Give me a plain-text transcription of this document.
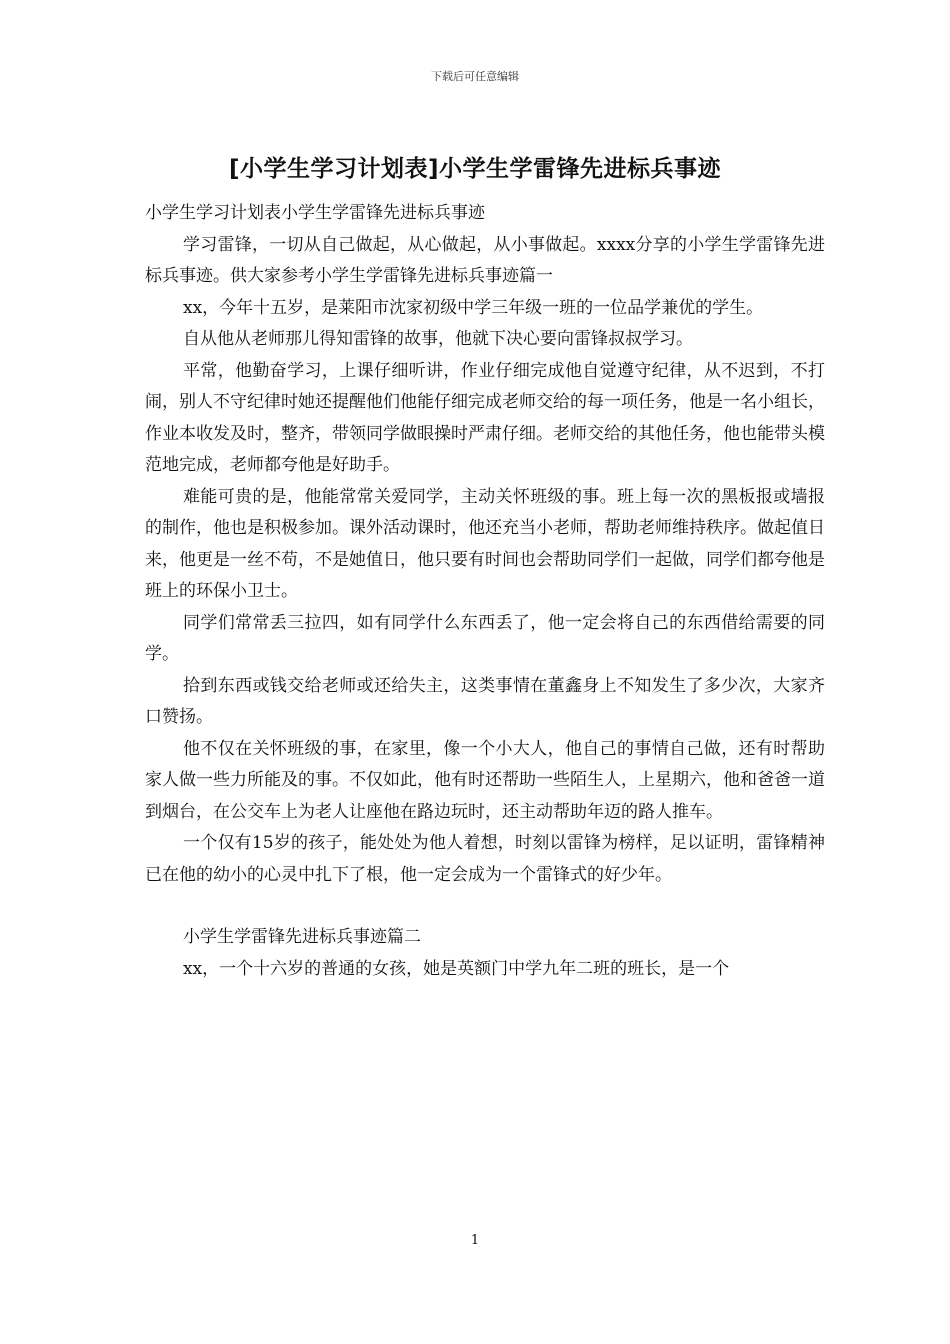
下载后可任意编辑
[小学生学习计划表]小学生学雷锋先进标兵事迹

小学生学习计划表小学生学雷锋先进标兵事迹

学习雷锋，一切从自己做起，从心做起，从小事做起。xxxx分享的小学生学雷锋先进标兵事迹。供大家参考小学生学雷锋先进标兵事迹篇一

xx，今年十五岁，是莱阳市沈家初级中学三年级一班的一位品学兼优的学生。

自从他从老师那儿得知雷锋的故事，他就下决心要向雷锋叔叔学习。

平常，他勤奋学习，上课仔细听讲，作业仔细完成他自觉遵守纪律，从不迟到，不打闹，别人不守纪律时她还提醒他们他能仔细完成老师交给的每一项任务，他是一名小组长，作业本收发及时，整齐，带领同学做眼操时严肃仔细。老师交给的其他任务，他也能带头模范地完成，老师都夸他是好助手。

难能可贵的是，他能常常关爱同学，主动关怀班级的事。班上每一次的黑板报或墙报的制作，他也是积极参加。课外活动课时，他还充当小老师，帮助老师维持秩序。做起值日来，他更是一丝不苟，不是她值日，他只要有时间也会帮助同学们一起做，同学们都夸他是班上的环保小卫士。

同学们常常丢三拉四，如有同学什么东西丢了，他一定会将自己的东西借给需要的同学。

拾到东西或钱交给老师或还给失主，这类事情在董鑫身上不知发生了多少次，大家齐口赞扬。

他不仅在关怀班级的事，在家里，像一个小大人，他自己的事情自己做，还有时帮助家人做一些力所能及的事。不仅如此，他有时还帮助一些陌生人，上星期六，他和爸爸一道到烟台，在公交车上为老人让座他在路边玩时，还主动帮助年迈的路人推车。

一个仅有15岁的孩子，能处处为他人着想，时刻以雷锋为榜样，足以证明，雷锋精神已在他的幼小的心灵中扎下了根，他一定会成为一个雷锋式的好少年。

小学生学雷锋先进标兵事迹篇二

xx，一个十六岁的普通的女孩，她是英额门中学九年二班的班长，是一个

1
